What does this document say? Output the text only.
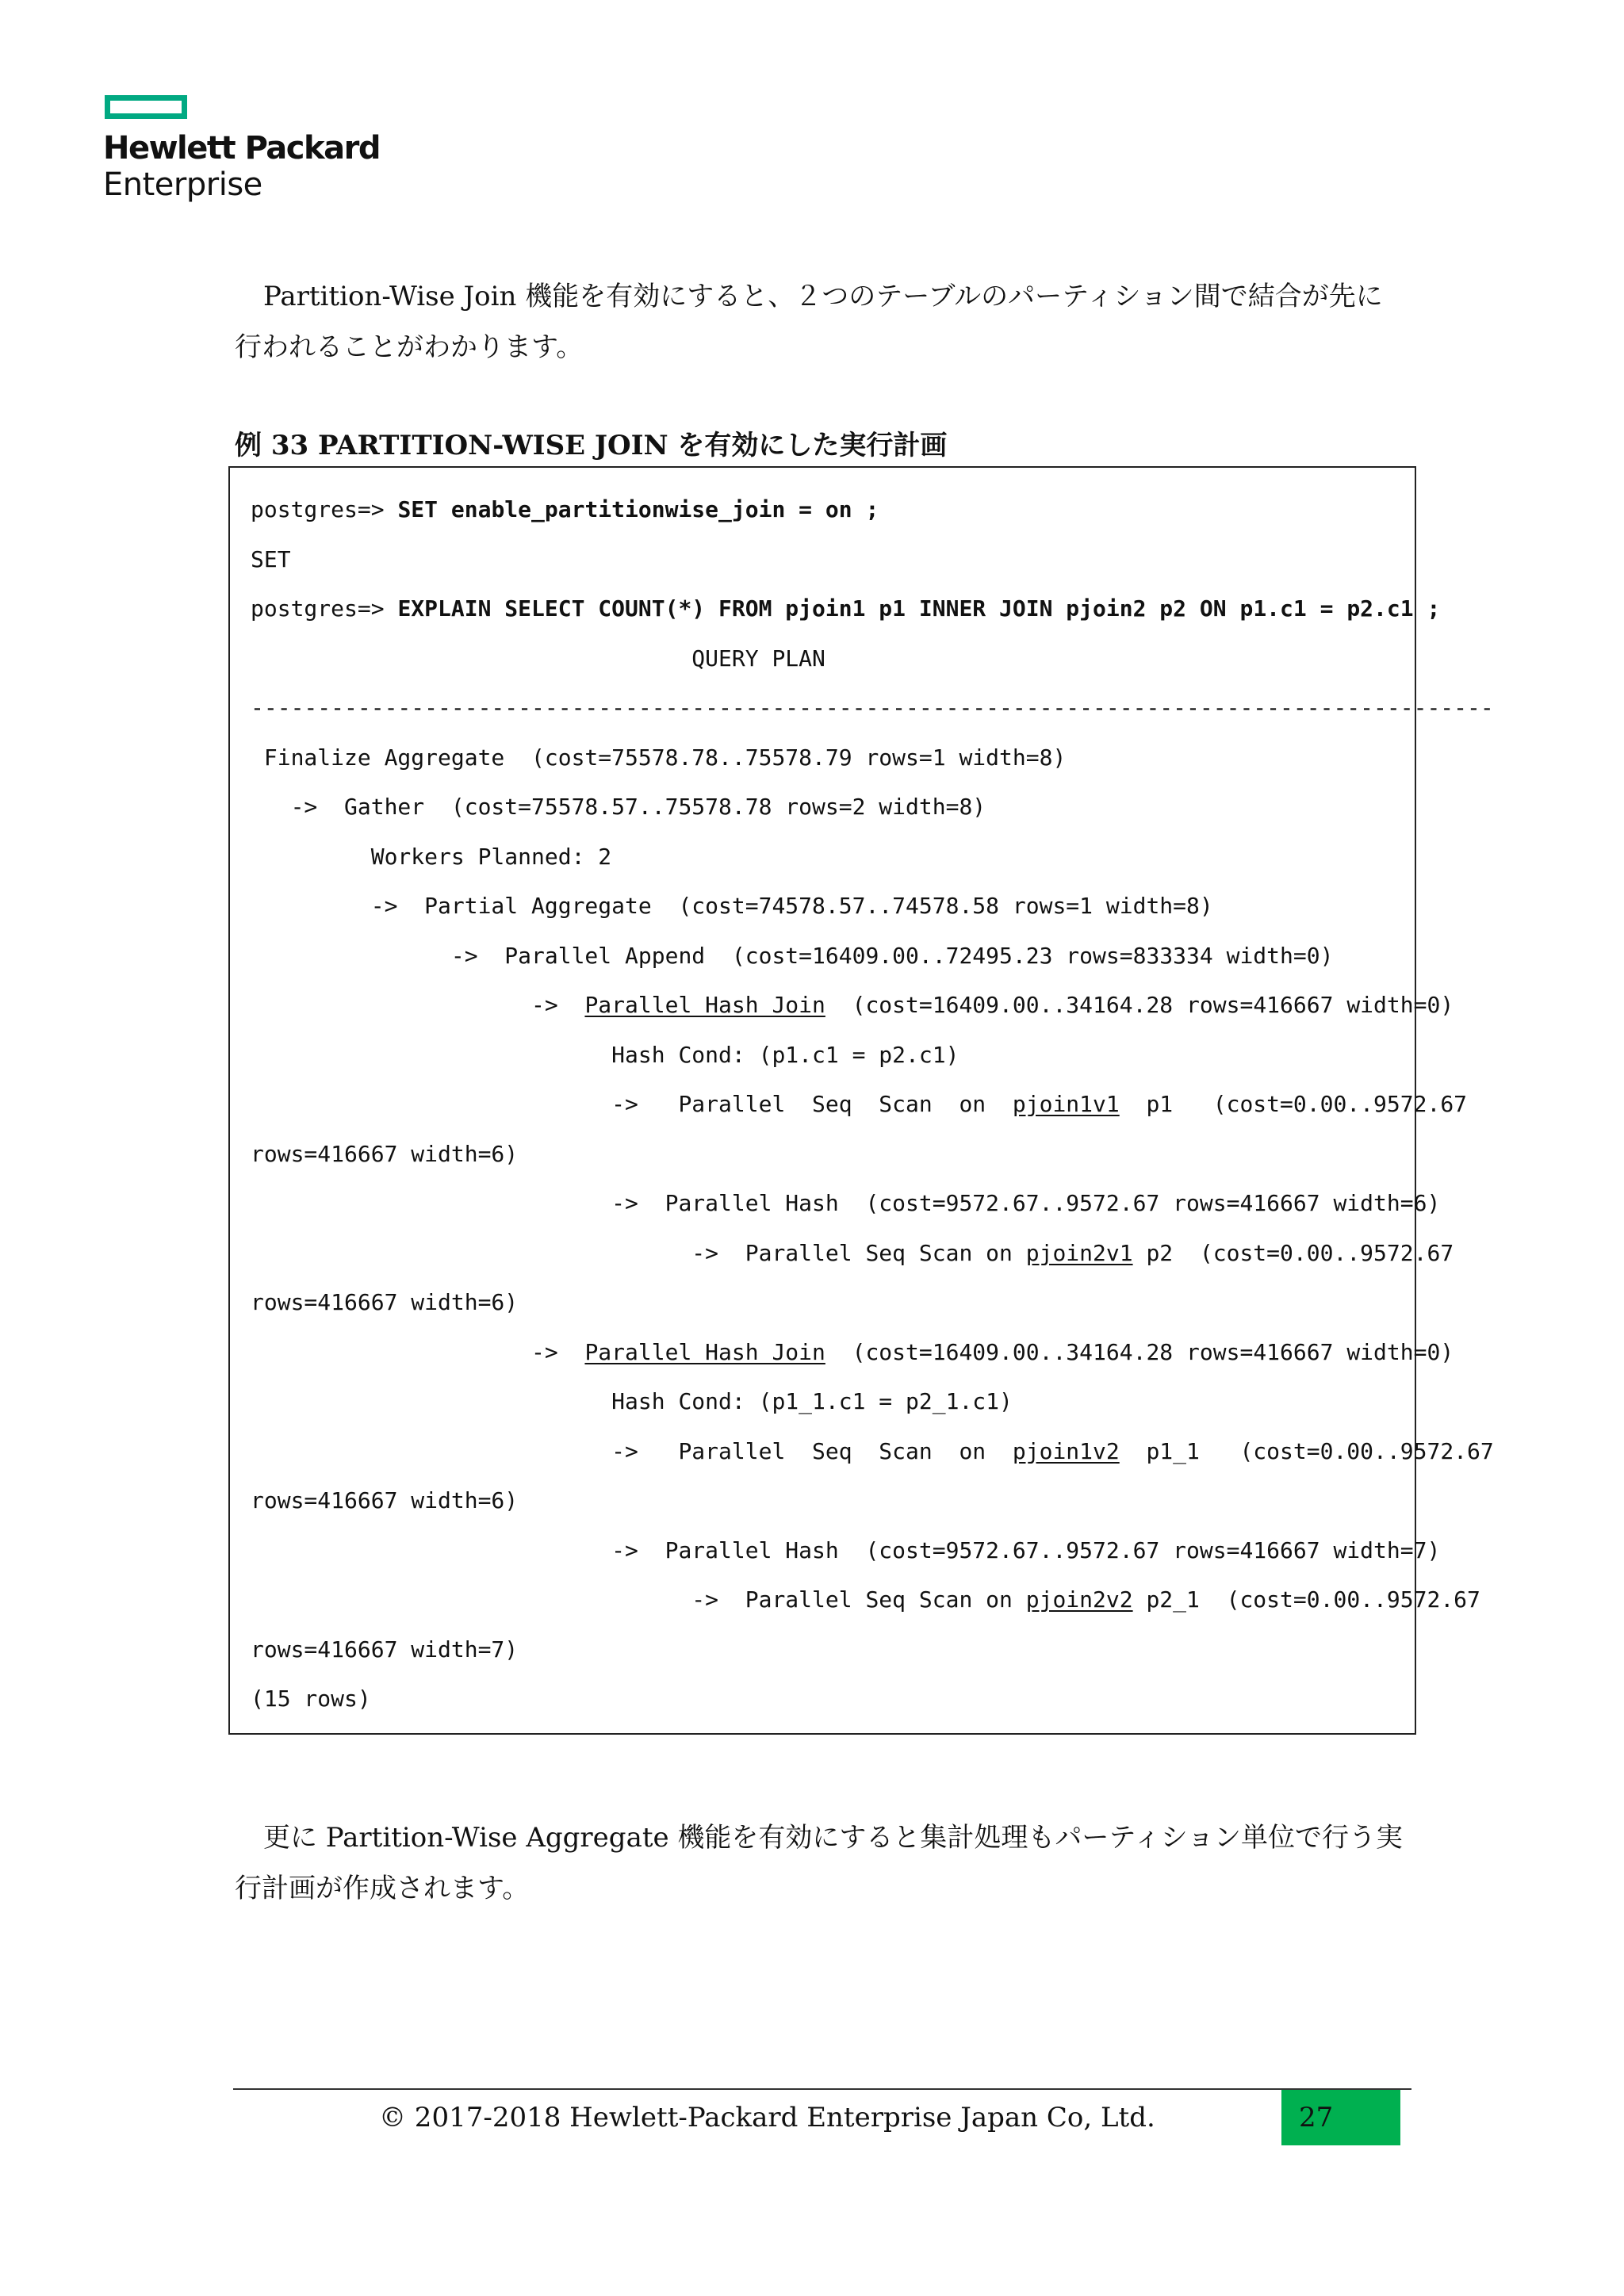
Hewlett Packard
Enterprise

Partition-Wise Join 機能を有効にすると、２つのテーブルのパーティション間で結合が先に行われることがわかります。

例 33 PARTITION-WISE JOIN を有効にした実行計画
postgres=> SET enable_partitionwise_join = on ;
SET
postgres=> EXPLAIN SELECT COUNT(*) FROM pjoin1 p1 INNER JOIN pjoin2 p2 ON p1.c1 = p2.c1 ;
QUERY PLAN
---------------------------------------------------------------------------------------------
Finalize Aggregate  (cost=75578.78..75578.79 rows=1 width=8)
->  Gather  (cost=75578.57..75578.78 rows=2 width=8)
Workers Planned: 2
->  Partial Aggregate  (cost=74578.57..74578.58 rows=1 width=8)
->  Parallel Append  (cost=16409.00..72495.23 rows=833334 width=0)
->  Parallel Hash Join  (cost=16409.00..34164.28 rows=416667 width=0)
Hash Cond: (p1.c1 = p2.c1)
->   Parallel  Seq  Scan  on  pjoin1v1  p1   (cost=0.00..9572.67
rows=416667 width=6)
->  Parallel Hash  (cost=9572.67..9572.67 rows=416667 width=6)
->  Parallel Seq Scan on pjoin2v1 p2  (cost=0.00..9572.67
rows=416667 width=6)
->  Parallel Hash Join  (cost=16409.00..34164.28 rows=416667 width=0)
Hash Cond: (p1_1.c1 = p2_1.c1)
->   Parallel  Seq  Scan  on  pjoin1v2  p1_1   (cost=0.00..9572.67
rows=416667 width=6)
->  Parallel Hash  (cost=9572.67..9572.67 rows=416667 width=7)
->  Parallel Seq Scan on pjoin2v2 p2_1  (cost=0.00..9572.67
rows=416667 width=7)
(15 rows)

更に Partition-Wise Aggregate 機能を有効にすると集計処理もパーティション単位で行う実行計画が作成されます。

© 2017-2018 Hewlett-Packard Enterprise Japan Co, Ltd.	27
